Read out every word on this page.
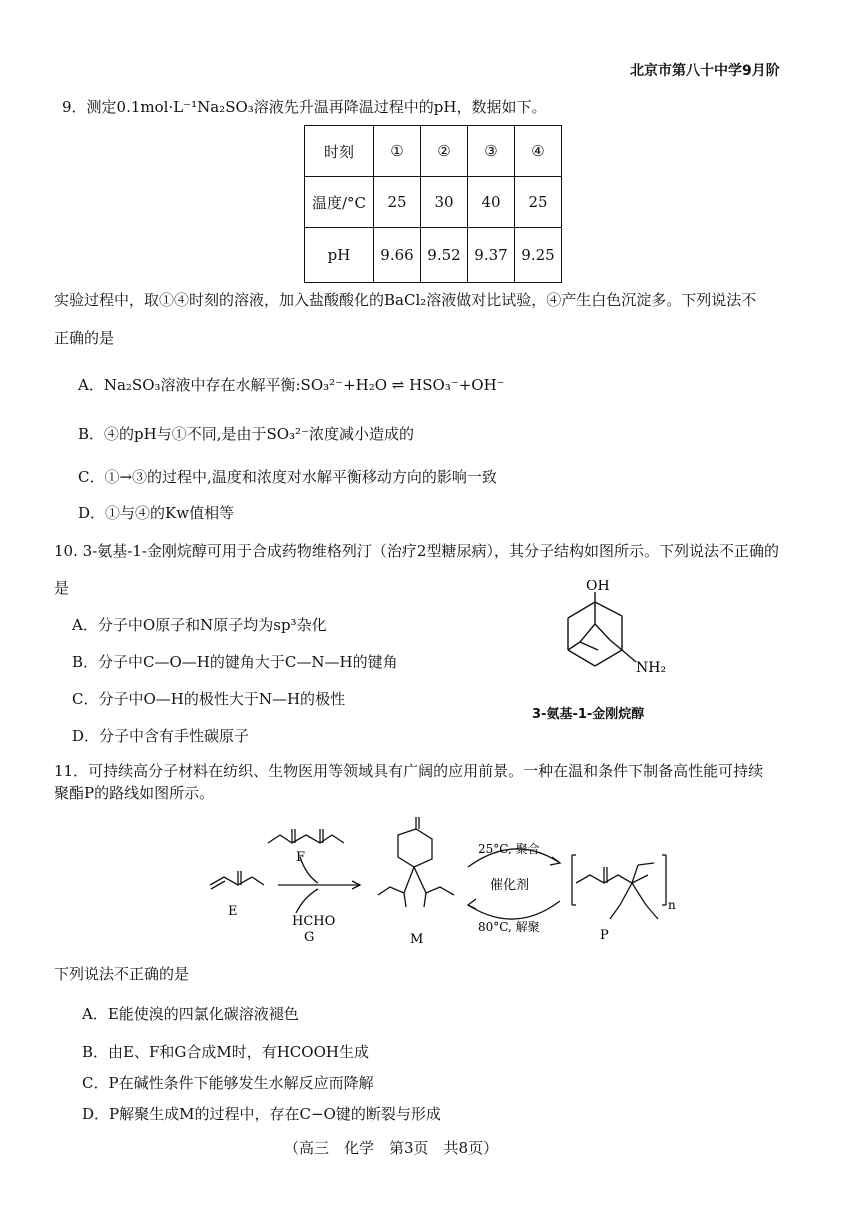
北京市第八十中学9月阶
9．测定0.1mol·L⁻¹Na₂SO₃溶液先升温再降温过程中的pH，数据如下。
时刻	①	②	③	④
温度/°C	25	30	40	25
pH	9.66	9.52	9.37	9.25
实验过程中，取①④时刻的溶液，加入盐酸酸化的BaCl₂溶液做对比试验，④产生白色沉淀多。下列说法不
正确的是
A．Na₂SO₃溶液中存在水解平衡:SO₃²⁻+H₂O ⇌ HSO₃⁻+OH⁻
B．④的pH与①不同,是由于SO₃²⁻浓度减小造成的
C．①→③的过程中,温度和浓度对水解平衡移动方向的影响一致
D．①与④的Kw值相等
10. 3-氨基-1-金刚烷醇可用于合成药物维格列汀（治疗2型糖尿病），其分子结构如图所示。下列说法不正确的
是
A．分子中O原子和N原子均为sp³杂化
B．分子中C—O—H的键角大于C—N—H的键角
C．分子中O—H的极性大于N—H的极性
D．分子中含有手性碳原子
OH
NH₂
3-氨基-1-金刚烷醇
11．可持续高分子材料在纺织、生物医用等领域具有广阔的应用前景。一种在温和条件下制备高性能可持续
聚酯P的路线如图所示。
E
F
HCHO
G	M
25°C, 聚合
催化剂
80°C, 解聚
n
P
下列说法不正确的是
A．E能使溴的四氯化碳溶液褪色
B．由E、F和G合成M时，有HCOOH生成
C．P在碱性条件下能够发生水解反应而降解
D．P解聚生成M的过程中，存在C−O键的断裂与形成
（高三　化学　第3页　共8页）
